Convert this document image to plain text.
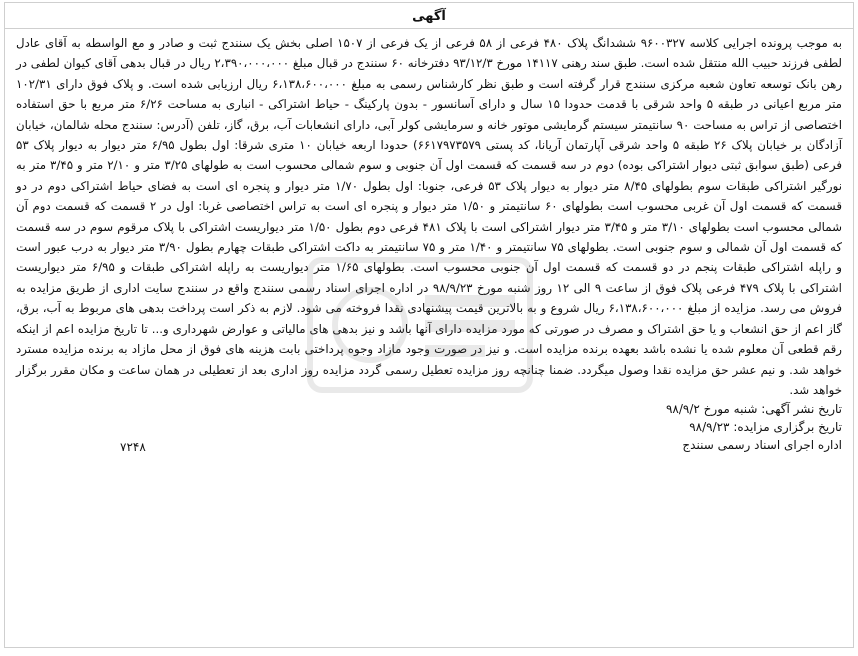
آگهی

به موجب پرونده اجرایی کلاسه ۹۶۰۰۳۲۷ ششدانگ پلاک ۴۸۰ فرعی از ۵۸ فرعی از یک فرعی از ۱۵۰۷ اصلی بخش یک سنندج ثبت و صادر و مع الواسطه به آقای عادل لطفی فرزند حبیب الله منتقل شده است. طبق سند رهنی ۱۴۱۱۷ مورخ ۹۳/۱۲/۳ دفترخانه ۶۰ سنندج در قبال مبلغ ۲،۳۹۰،۰۰۰،۰۰۰ ریال در قبال بدهی آقای کیوان لطفی در رهن بانک توسعه تعاون شعبه مرکزی سنندج قرار گرفته است و طبق نظر کارشناس رسمی به مبلغ ۶،۱۳۸،۶۰۰،۰۰۰ ریال ارزیابی شده است. و پلاک فوق دارای ۱۰۲/۳۱ متر مربع اعیانی در طبقه ۵ واحد شرقی با قدمت حدودا ۱۵ سال و دارای آسانسور - بدون پارکینگ - حیاط اشتراکی - انباری به مساحت ۶/۲۶ متر مربع با حق استفاده اختصاصی از تراس به مساحت ۹۰ سانتیمتر سیستم گرمایشی موتور خانه و سرمایشی کولر آبی، دارای انشعابات آب، برق، گاز، تلفن (آدرس: سنندج محله شالمان، خیابان آزادگان بر خیابان پلاک ۲۶ طبقه ۵ واحد شرقی آپارتمان آریانا، کد پستی ۶۶۱۷۹۷۳۵۷۹) حدودا اربعه خیابان ۱۰ متری شرقا: اول بطول ۶/۹۵ متر دیوار به دیوار پلاک ۵۳ فرعی (طبق سوابق ثبتی دیوار اشتراکی بوده) دوم در سه قسمت که قسمت اول آن جنوبی و سوم شمالی محسوب است به طولهای ۳/۲۵ متر و ۲/۱۰ متر و ۳/۴۵ متر به نورگیر اشتراکی طبقات سوم بطولهای ۸/۴۵ متر دیوار به دیوار پلاک ۵۳ فرعی، جنوبا: اول بطول ۱/۷۰ متر دیوار و پنجره ای است به فضای حیاط اشتراکی دوم در دو قسمت که قسمت اول آن غربی محسوب است بطولهای ۶۰ سانتیمتر و ۱/۵۰ متر دیوار و پنجره ای است به تراس اختصاصی غربا: اول در ۲ قسمت که قسمت دوم آن شمالی محسوب است بطولهای ۳/۱۰ متر و ۳/۴۵ متر دیوار اشتراکی است با پلاک ۴۸۱ فرعی دوم بطول ۱/۵۰ متر دیواریست اشتراکی با پلاک مرقوم سوم در سه قسمت که قسمت اول آن شمالی و سوم جنوبی است. بطولهای ۷۵ سانتیمتر و ۱/۴۰ متر و ۷۵ سانتیمتر به داکت اشتراکی طبقات چهارم بطول ۳/۹۰ متر دیوار به درب عبور است و راپله اشتراکی طبقات پنجم در دو قسمت که قسمت اول آن جنوبی محسوب است. بطولهای ۱/۶۵ متر دیواریست به راپله اشتراکی طبقات و ۶/۹۵ متر دیواریست اشتراکی با پلاک ۴۷۹ فرعی پلاک فوق از ساعت ۹ الی ۱۲ روز شنبه مورخ ۹۸/۹/۲۳ در اداره اجرای اسناد رسمی سنندج واقع در سنندج سایت اداری از طریق مزایده به فروش می رسد. مزایده از مبلغ ۶،۱۳۸،۶۰۰،۰۰۰ ریال شروع و به بالاترین قیمت پیشنهادی نقدا فروخته می شود. لازم به ذکر است پرداخت بدهی های مربوط به آب، برق، گاز اعم از حق انشعاب و یا حق اشتراک و مصرف در صورتی که مورد مزایده دارای آنها باشد و نیز بدهی های مالیاتی و عوارض شهرداری و... تا تاریخ مزایده اعم از اینکه رقم قطعی آن معلوم شده یا نشده باشد بعهده برنده مزایده است. و نیز در صورت وجود مازاد وجوه پرداختی بابت هزینه های فوق از محل مازاد به برنده مزایده مسترد خواهد شد. و نیم عشر حق مزایده نقدا وصول میگردد. ضمنا چنانچه روز مزایده تعطیل رسمی گردد مزایده روز اداری بعد از تعطیلی در همان ساعت و مکان مقرر برگزار خواهد شد.

تاریخ نشر آگهی: شنبه مورخ ۹۸/۹/۲
تاریخ برگزاری مزایده: ۹۸/۹/۲۳
اداره اجرای اسناد رسمی سنندج
۷۲۴۸
